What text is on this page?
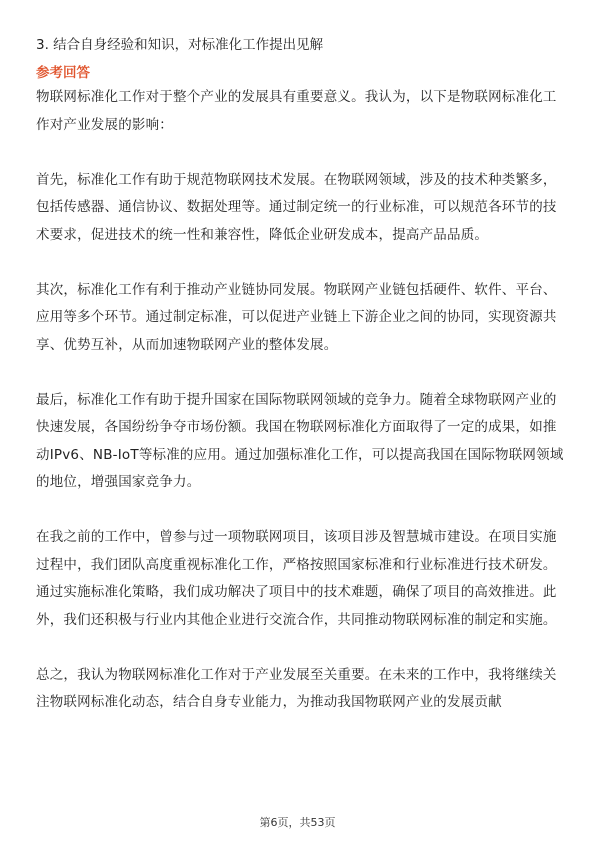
3. 结合自身经验和知识，对标准化工作提出见解

参考回答

物联网标准化工作对于整个产业的发展具有重要意义。我认为，以下是物联网标准化工作对产业发展的影响：

首先，标准化工作有助于规范物联网技术发展。在物联网领域，涉及的技术种类繁多，包括传感器、通信协议、数据处理等。通过制定统一的行业标准，可以规范各环节的技术要求，促进技术的统一性和兼容性，降低企业研发成本，提高产品品质。

其次，标准化工作有利于推动产业链协同发展。物联网产业链包括硬件、软件、平台、应用等多个环节。通过制定标准，可以促进产业链上下游企业之间的协同，实现资源共享、优势互补，从而加速物联网产业的整体发展。

最后，标准化工作有助于提升国家在国际物联网领域的竞争力。随着全球物联网产业的快速发展，各国纷纷争夺市场份额。我国在物联网标准化方面取得了一定的成果，如推动IPv6、NB-IoT等标准的应用。通过加强标准化工作，可以提高我国在国际物联网领域的地位，增强国家竞争力。

在我之前的工作中，曾参与过一项物联网项目，该项目涉及智慧城市建设。在项目实施过程中，我们团队高度重视标准化工作，严格按照国家标准和行业标准进行技术研发。通过实施标准化策略，我们成功解决了项目中的技术难题，确保了项目的高效推进。此外，我们还积极与行业内其他企业进行交流合作，共同推动物联网标准的制定和实施。

总之，我认为物联网标准化工作对于产业发展至关重要。在未来的工作中，我将继续关注物联网标准化动态，结合自身专业能力，为推动我国物联网产业的发展贡献

第6页，共53页
